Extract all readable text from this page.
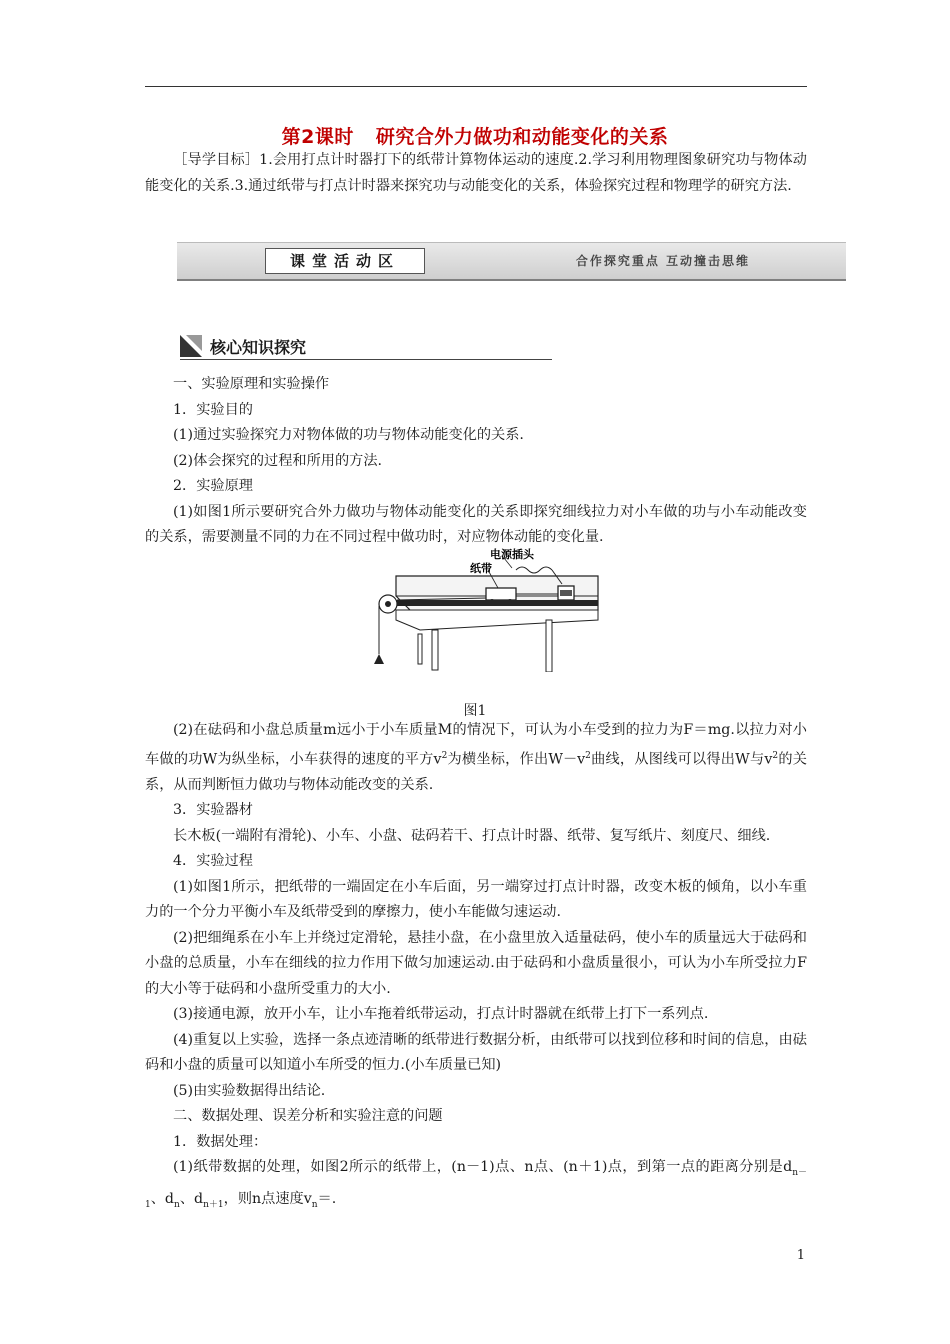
第2课时 研究合外力做功和动能变化的关系
［导学目标］1.会用打点计时器打下的纸带计算物体运动的速度.2.学习利用物理图象研究功与物体动能变化的关系.3.通过纸带与打点计时器来探究功与动能变化的关系，体验探究过程和物理学的研究方法.
课堂活动区	合作探究重点 互动撞击思维
核心知识探究
一、实验原理和实验操作
1．实验目的
(1)通过实验探究力对物体做的功与物体动能变化的关系.
(2)体会探究的过程和所用的方法.
2．实验原理
(1)如图1所示要研究合外力做功与物体动能变化的关系即探究细线拉力对小车做的功与小车动能改变的关系，需要测量不同的力在不同过程中做功时，对应物体动能的变化量.
电源插头
纸带
图1
(2)在砝码和小盘总质量m远小于小车质量M的情况下，可认为小车受到的拉力为F＝mg.以拉力对小车做的功W为纵坐标，小车获得的速度的平方$v^2$为横坐标，作出$W-v^2$曲线，从图线可以得出W与$v^2$的关系，从而判断恒力做功与物体动能改变的关系.
3．实验器材
长木板(一端附有滑轮)、小车、小盘、砝码若干、打点计时器、纸带、复写纸片、刻度尺、细线.
4．实验过程
(1)如图1所示，把纸带的一端固定在小车后面，另一端穿过打点计时器，改变木板的倾角，以小车重力的一个分力平衡小车及纸带受到的摩擦力，使小车能做匀速运动.
(2)把细绳系在小车上并绕过定滑轮，悬挂小盘，在小盘里放入适量砝码，使小车的质量远大于砝码和小盘的总质量，小车在细线的拉力作用下做匀加速运动.由于砝码和小盘质量很小，可认为小车所受拉力F的大小等于砝码和小盘所受重力的大小.
(3)接通电源，放开小车，让小车拖着纸带运动，打点计时器就在纸带上打下一系列点.
(4)重复以上实验，选择一条点迹清晰的纸带进行数据分析，由纸带可以找到位移和时间的信息，由砝码和小盘的质量可以知道小车所受的恒力.(小车质量已知)
(5)由实验数据得出结论.
二、数据处理、误差分析和实验注意的问题
1．数据处理：
(1)纸带数据的处理，如图2所示的纸带上，(n－1)点、n点、(n＋1)点，到第一点的距离分别是$d_{n-1}$、$d_n$、$d_{n+1}$，则n点速度$v_n=$.
1
